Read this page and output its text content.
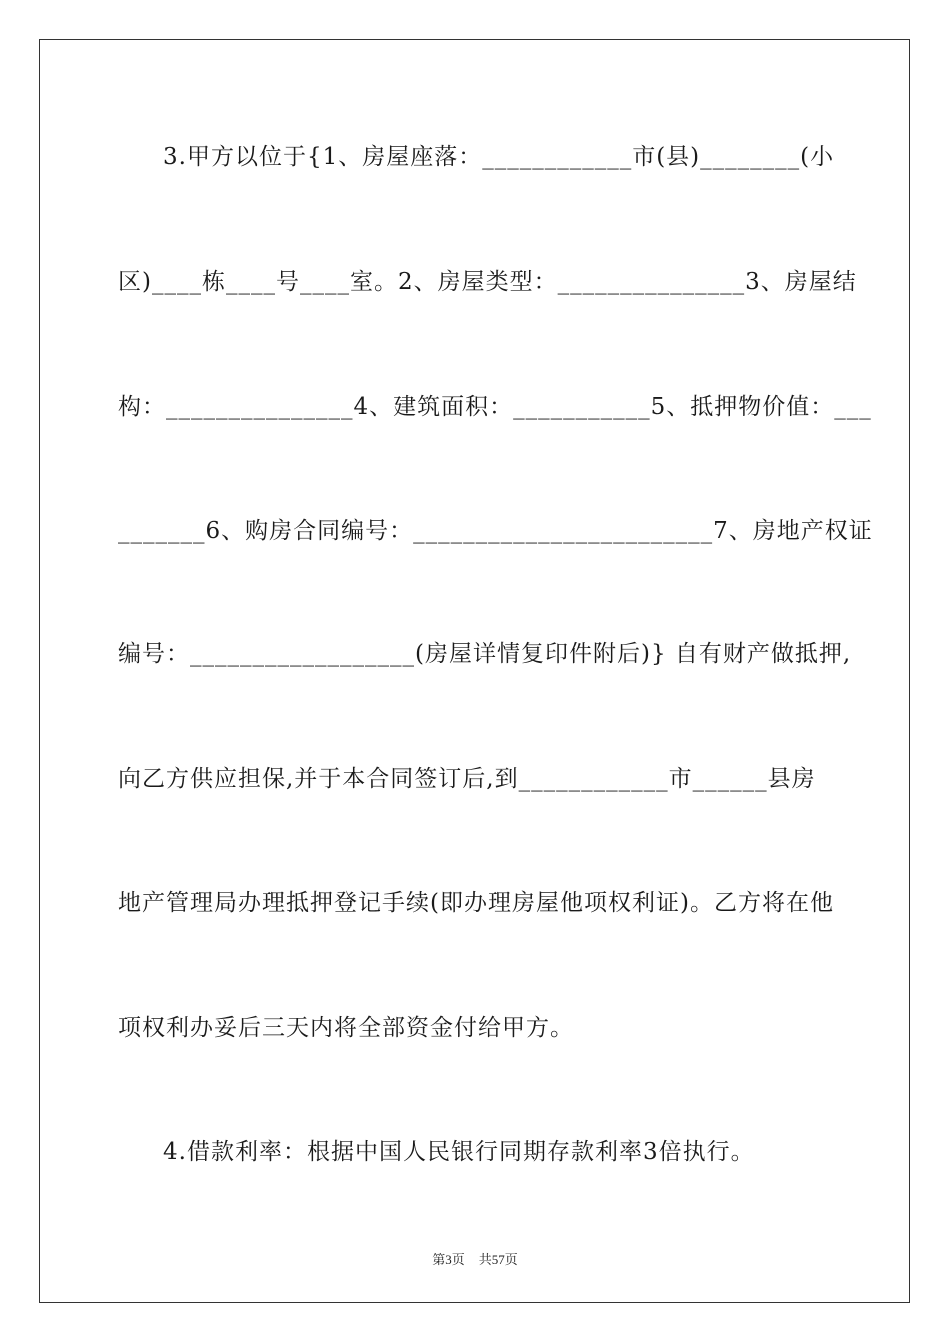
3.甲方以位于{1、房屋座落：____________市(县)________(小
区)____栋____号____室。2、房屋类型：_______________3、房屋结
构：_______________4、建筑面积：___________5、抵押物价值：___
_______6、购房合同编号：________________________7、房地产权证
编号：__________________(房屋详情复印件附后)} 自有财产做抵押,
向乙方供应担保,并于本合同签订后,到____________市______县房
地产管理局办理抵押登记手续(即办理房屋他项权利证)。乙方将在他
项权利办妥后三天内将全部资金付给甲方。
4.借款利率：根据中国人民银行同期存款利率3倍执行。
第3页 共57页
